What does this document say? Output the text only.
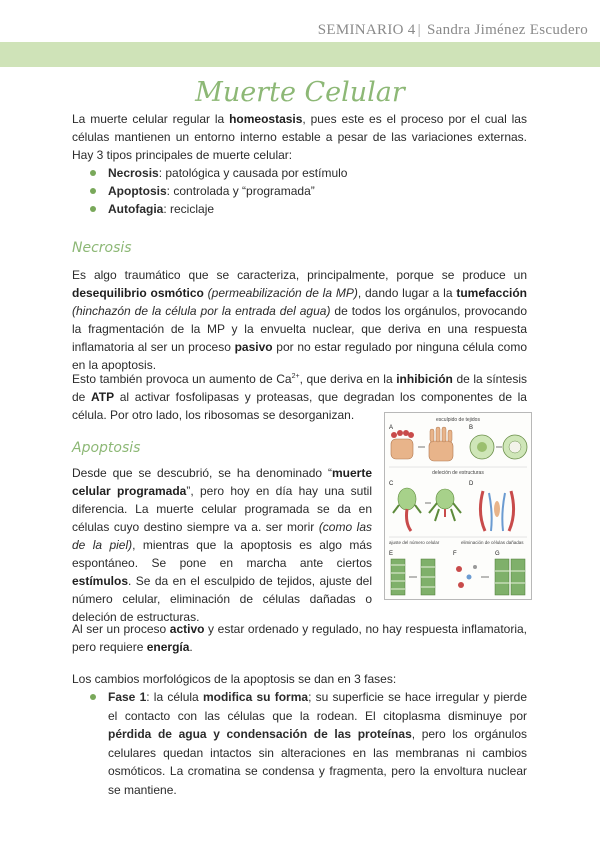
SEMINARIO 4 | Sandra Jiménez Escudero
Muerte Celular
La muerte celular regular la homeostasis, pues este es el proceso por el cual las células mantienen un entorno interno estable a pesar de las variaciones externas. Hay 3 tipos principales de muerte celular:
Necrosis: patológica y causada por estímulo
Apoptosis: controlada y “programada”
Autofagia: reciclaje
Necrosis
Es algo traumático que se caracteriza, principalmente, porque se produce un desequilibrio osmótico (permeabilización de la MP), dando lugar a la tumefacción (hinchazón de la célula por la entrada del agua) de todos los orgánulos, provocando la fragmentación de la MP y la envuelta nuclear, que deriva en una respuesta inflamatoria al ser un proceso pasivo por no estar regulado por ninguna célula como en la apoptosis.
Esto también provoca un aumento de $Ca^{2+}$, que deriva en la inhibición de la síntesis de ATP al activar fosfolipasas y proteasas, que degradan los componentes de la célula. Por otro lado, los ribosomas se desorganizan.
Apoptosis
Desde que se descubrió, se ha denominado “muerte celular programada”, pero hoy en día hay una sutil diferencia. La muerte celular programada se da en células cuyo destino siempre va a. ser morir (como las de la piel), mientras que la apoptosis es algo más espontáneo. Se pone en marcha ante ciertos estímulos. Se da en el esculpido de tejidos, ajuste del número celular, eliminación de células dañadas o deleción de estructuras.
esculpido de tejidos
A	B
deleción de estructuras
C	D
ajuste del número celular	eliminación de células dañadas
E	F	G
Al ser un proceso activo y estar ordenado y regulado, no hay respuesta inflamatoria, pero requiere energía.
Los cambios morfológicos de la apoptosis se dan en 3 fases:
Fase 1: la célula modifica su forma; su superficie se hace irregular y pierde el contacto con las células que la rodean. El citoplasma disminuye por pérdida de agua y condensación de las proteínas, pero los orgánulos celulares quedan intactos sin alteraciones en las membranas ni cambios osmóticos. La cromatina se condensa y fragmenta, pero la envoltura nuclear se mantiene.
